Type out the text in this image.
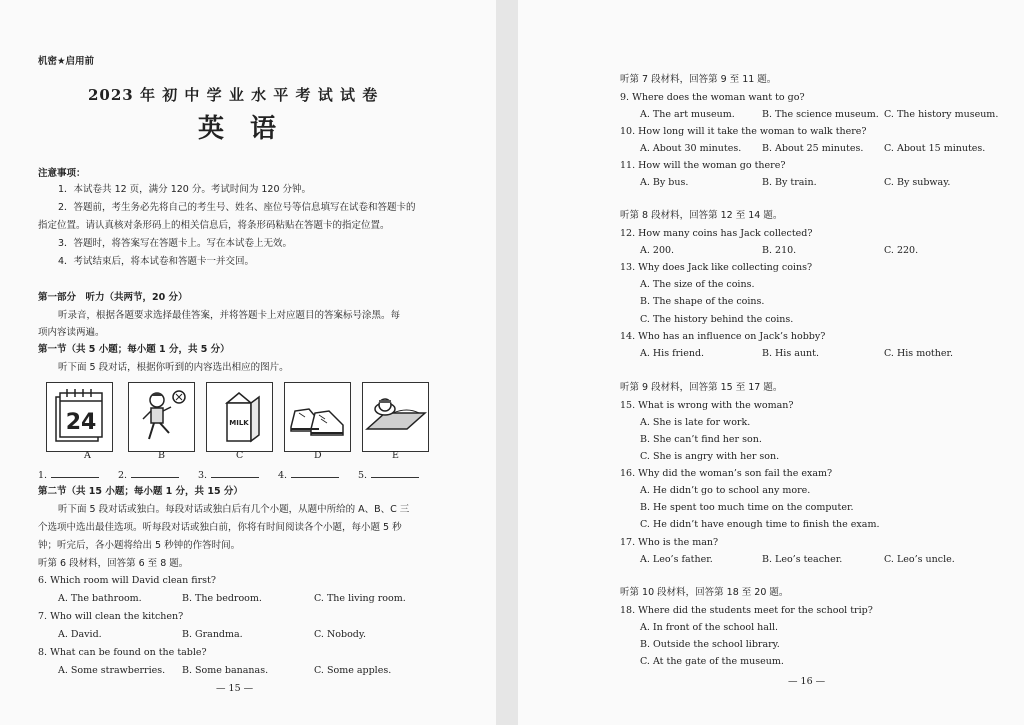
机密★启用前
2023 年 初 中 学 业 水 平 考 试 试 卷
英　语
注意事项：
1．本试卷共 12 页，满分 120 分。考试时间为 120 分钟。
2．答题前，考生务必先将自己的考生号、姓名、座位号等信息填写在试卷和答题卡的
指定位置。请认真核对条形码上的相关信息后，将条形码粘贴在答题卡的指定位置。
3．答题时，将答案写在答题卡上。写在本试卷上无效。
4．考试结束后，将本试卷和答题卡一并交回。
第一部分　听力（共两节，20 分）
听录音，根据各题要求选择最佳答案，并将答题卡上对应题目的答案标号涂黑。每
项内容读两遍。
第一节（共 5 小题；每小题 1 分，共 5 分）
听下面 5 段对话，根据你听到的内容选出相应的图片。
24	MILK
A	B	C	D	E
1.	2.	3.	4.	5.
第二节（共 15 小题；每小题 1 分，共 15 分）
听下面 5 段对话或独白。每段对话或独白后有几个小题，从题中所给的 A、B、C 三
个选项中选出最佳选项。听每段对话或独白前，你将有时间阅读各个小题，每小题 5 秒
钟；听完后，各小题将给出 5 秒钟的作答时间。
听第 6 段材料，回答第 6 至 8 题。
6. Which room will David clean first?
A. The bathroom.	B. The bedroom.	C. The living room.
7. Who will clean the kitchen?
A. David.	B. Grandma.	C. Nobody.
8. What can be found on the table?
A. Some strawberries. B. Some bananas.	C. Some apples.
— 15 —
听第 7 段材料，回答第 9 至 11 题。
9. Where does the woman want to go?
A. The art museum.	B. The science museum. C. The history museum.
10. How long will it take the woman to walk there?
A. About 30 minutes. B. About 25 minutes. C. About 15 minutes.
11. How will the woman go there?
A. By bus.	B. By train.	C. By subway.
听第 8 段材料，回答第 12 至 14 题。
12. How many coins has Jack collected?
A. 200.	B. 210.	C. 220.
13. Why does Jack like collecting coins?
A. The size of the coins.
B. The shape of the coins.
C. The history behind the coins.
14. Who has an influence on Jack’s hobby?
A. His friend.	B. His aunt.	C. His mother.
听第 9 段材料，回答第 15 至 17 题。
15. What is wrong with the woman?
A. She is late for work.
B. She can’t find her son.
C. She is angry with her son.
16. Why did the woman’s son fail the exam?
A. He didn’t go to school any more.
B. He spent too much time on the computer.
C. He didn’t have enough time to finish the exam.
17. Who is the man?
A. Leo’s father.	B. Leo’s teacher.	C. Leo’s uncle.
听第 10 段材料，回答第 18 至 20 题。
18. Where did the students meet for the school trip?
A. In front of the school hall.
B. Outside the school library.
C. At the gate of the museum.
— 16 —
